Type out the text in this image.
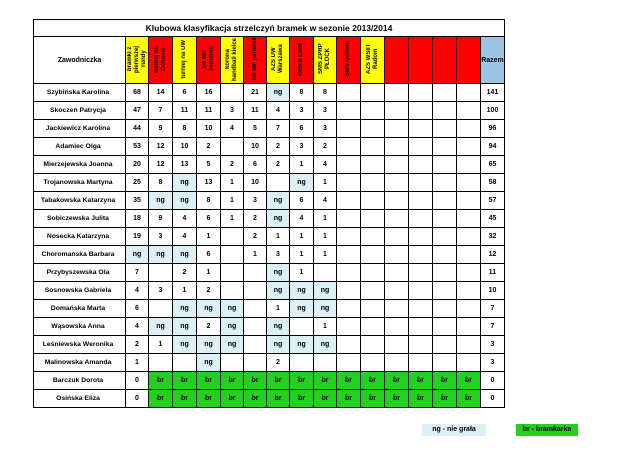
Klubowa klasyfikacja strzelczyń bramek w sezonie 2013/2014																
Zawodniczka	bramki z pierwszej rundy	turniej na Ochocie	turniej na UW	1/4 MP seniorek	korona handball kielce	1/2 MP juniorek	AZS UW Warszawa	CHKS Łódź	SMS ZPRP PŁOCK	SMS Ochota	AZS WSIiT Radom					Razem
Szybińska Karolina	68	14	6	16		21	ng	8	8							141
Skoczeń Patrycja	47	7	11	11	3	11	4	3	3							100
Jackiewicz Karolina	44	9	8	10	4	5	7	6	3							96
Adamiec Olga	53	12	10	2		10	2	3	2							94
Mierzejewska Joanna	20	12	13	5	2	6	2	1	4							65
Trojanowska Martyna	25	8	ng	13	1	10		ng	1							58
Tabakowska Katarzyna	35	ng	ng	8	1	3	ng	6	4							57
Sobiczewska Julita	18	9	4	6	1	2	ng	4	1							45
Nosecka Katarzyna	19	3	4	1		2	1	1	1							32
Choromańska Barbara	ng	ng	ng	6		1	3	1	1							12
Przybyszewska Ola	7		2	1			ng	1								11
Sosnowska Gabriela	4	3	1	2			ng	ng	ng							10
Domańska Marta	6		ng	ng	ng		1	ng	ng							7
Wąsowska Anna	4	ng	ng	2	ng		ng		1							7
Leśniewska Weronika	2	1	ng	ng	ng		ng	ng	ng							3
Malinowska Amanda	1			ng			2									3
Barczuk Dorota	0	br	br	br	br	br	br	br	br	br	br	br	br	br	br	0
Osińska Eliza	0	br	br	br	br	br	br	br	br	br	br	br	br	br	br	0
ng - nie grała	br - bramkarka
